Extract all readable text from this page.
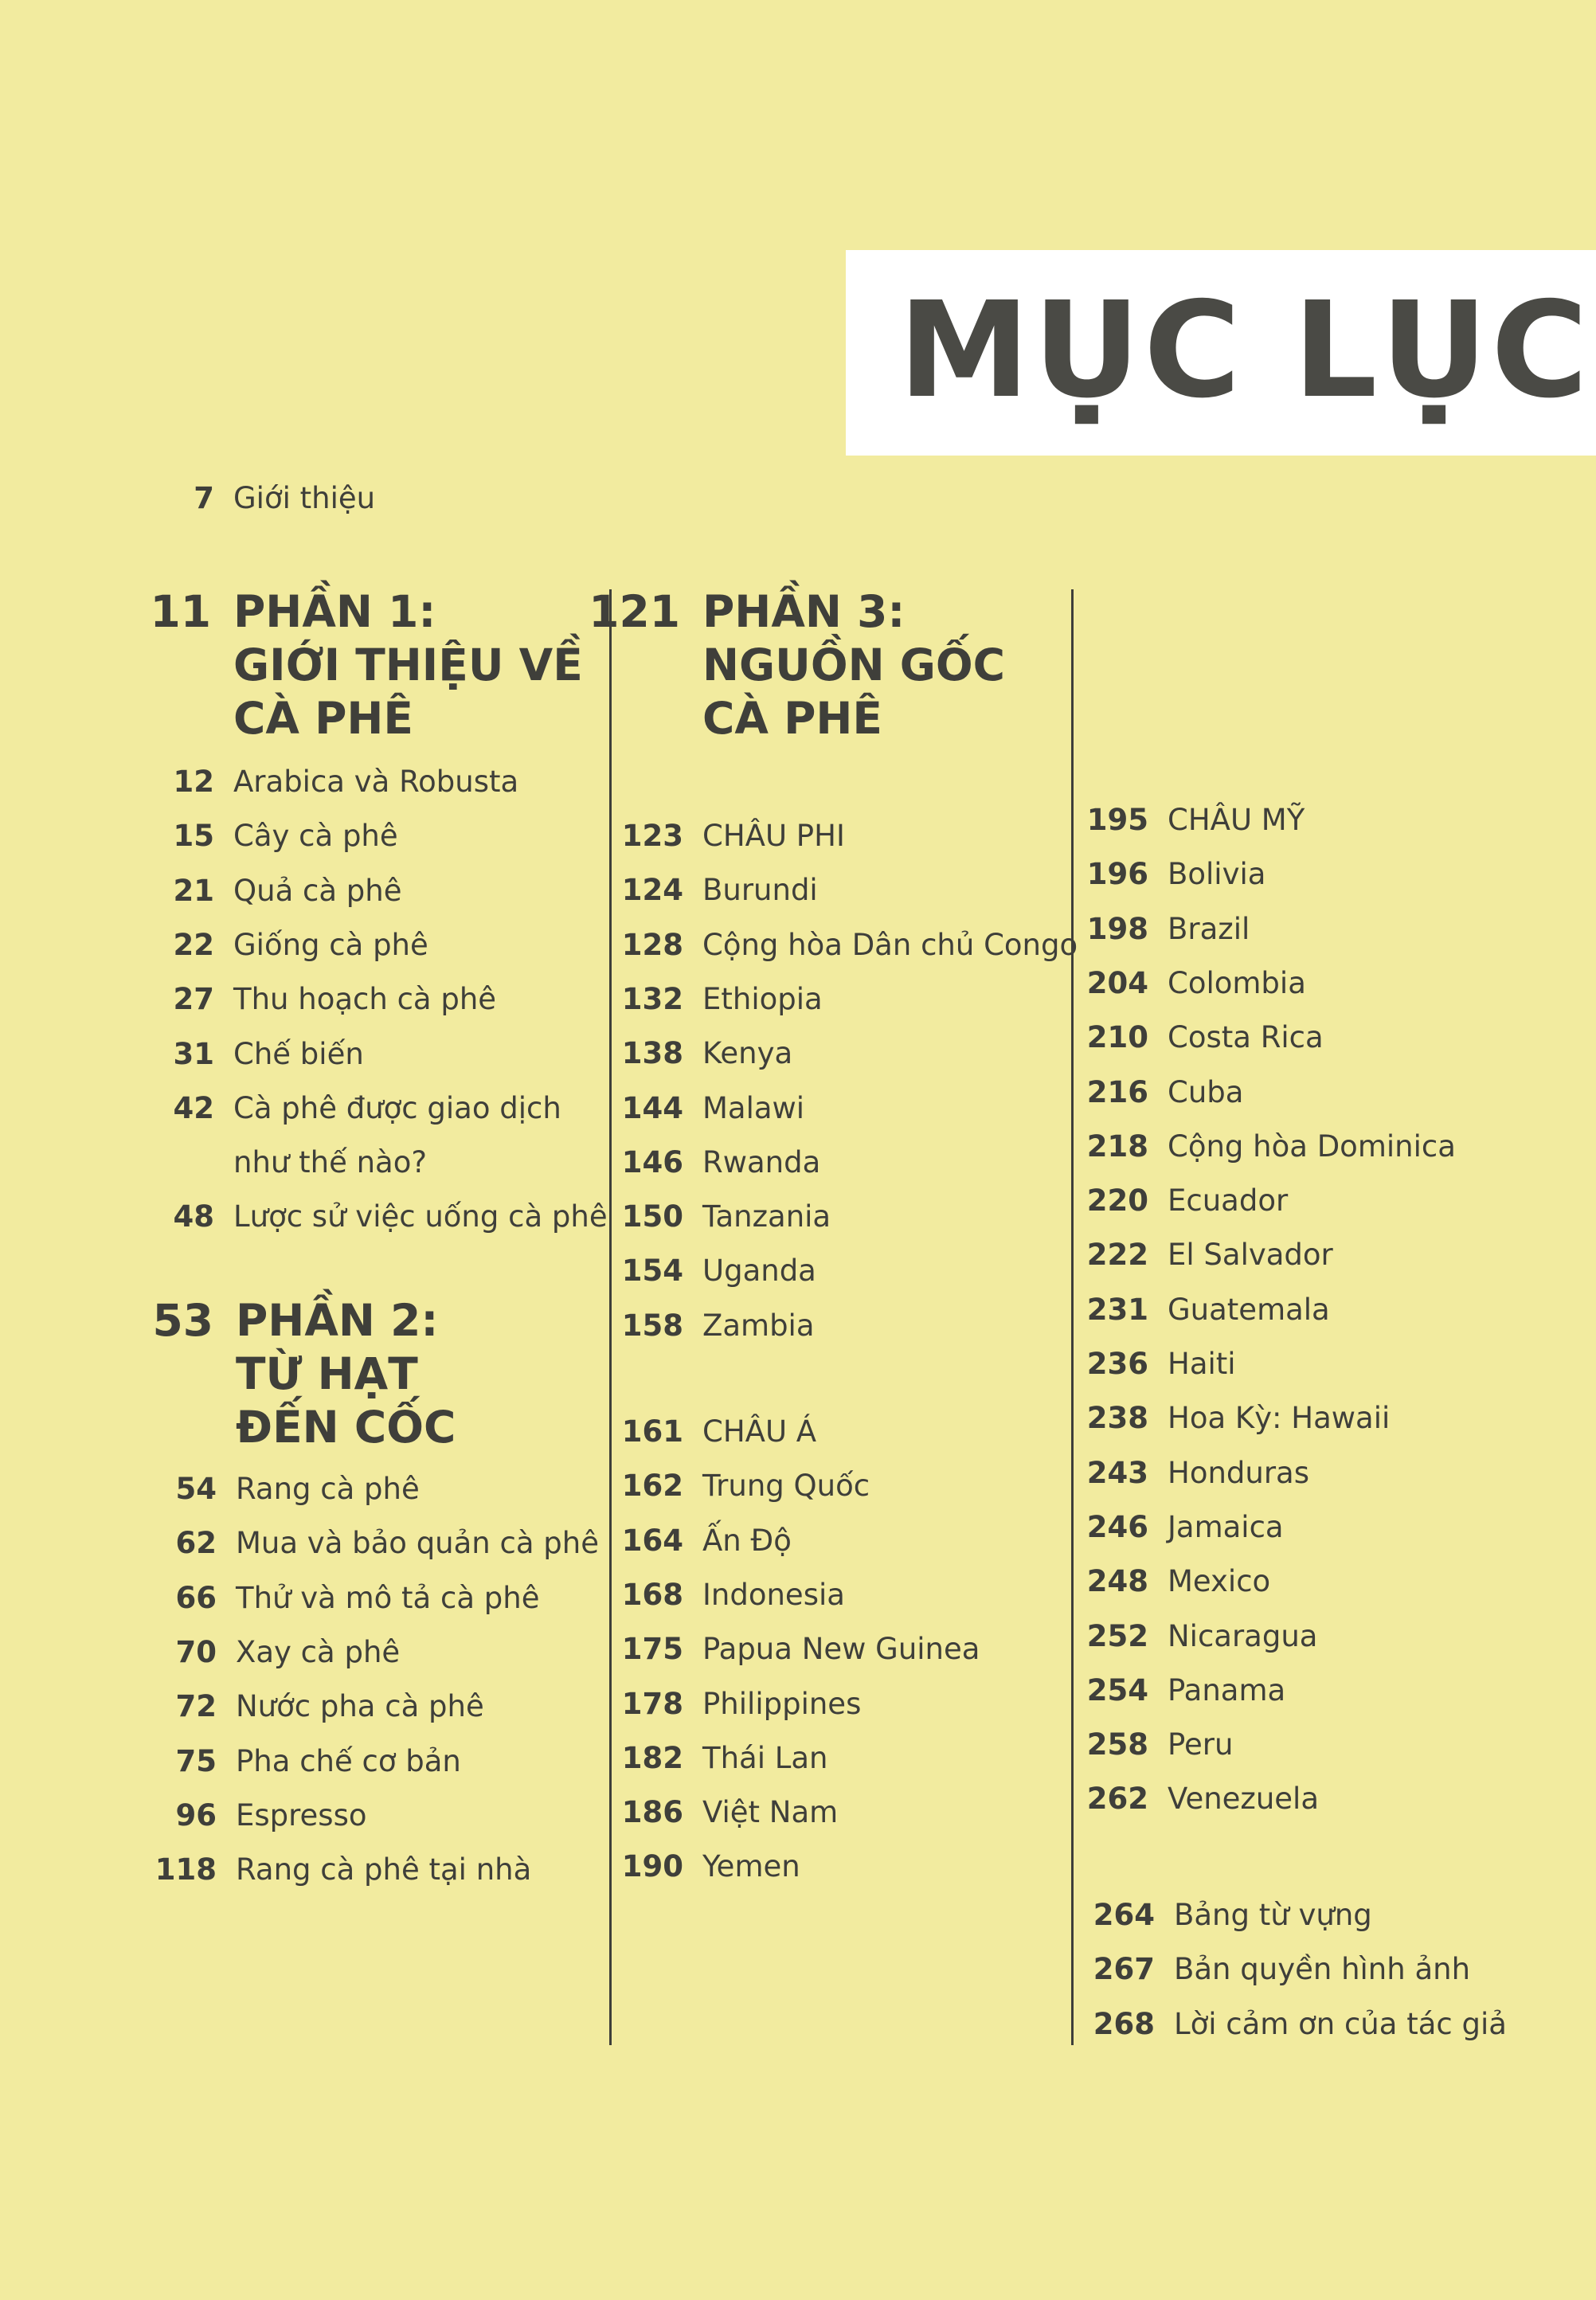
MỤC LỤC
7 Giới thiệu
11 PHẦN 1:
GIỚI THIỆU VỀ
CÀ PHÊ
12 Arabica và Robusta
15 Cây cà phê
21 Quả cà phê
22 Giống cà phê
27 Thu hoạch cà phê
31 Chế biến
42 Cà phê được giao dịch
như thế nào?
48 Lược sử việc uống cà phê
53 PHẦN 2:
TỪ HẠT
ĐẾN CỐC
54 Rang cà phê
62 Mua và bảo quản cà phê
66 Thử và mô tả cà phê
70 Xay cà phê
72 Nước pha cà phê
75 Pha chế cơ bản
96 Espresso
118 Rang cà phê tại nhà
121 PHẦN 3:
NGUỒN GỐC
CÀ PHÊ
123 CHÂU PHI
124 Burundi
128 Cộng hòa Dân chủ Congo
132 Ethiopia
138 Kenya
144 Malawi
146 Rwanda
150 Tanzania
154 Uganda
158 Zambia
161 CHÂU Á
162 Trung Quốc
164 Ấn Độ
168 Indonesia
175 Papua New Guinea
178 Philippines
182 Thái Lan
186 Việt Nam
190 Yemen
195 CHÂU MỸ
196 Bolivia
198 Brazil
204 Colombia
210 Costa Rica
216 Cuba
218 Cộng hòa Dominica
220 Ecuador
222 El Salvador
231 Guatemala
236 Haiti
238 Hoa Kỳ: Hawaii
243 Honduras
246 Jamaica
248 Mexico
252 Nicaragua
254 Panama
258 Peru
262 Venezuela
264 Bảng từ vựng
267 Bản quyền hình ảnh
268 Lời cảm ơn của tác giả
